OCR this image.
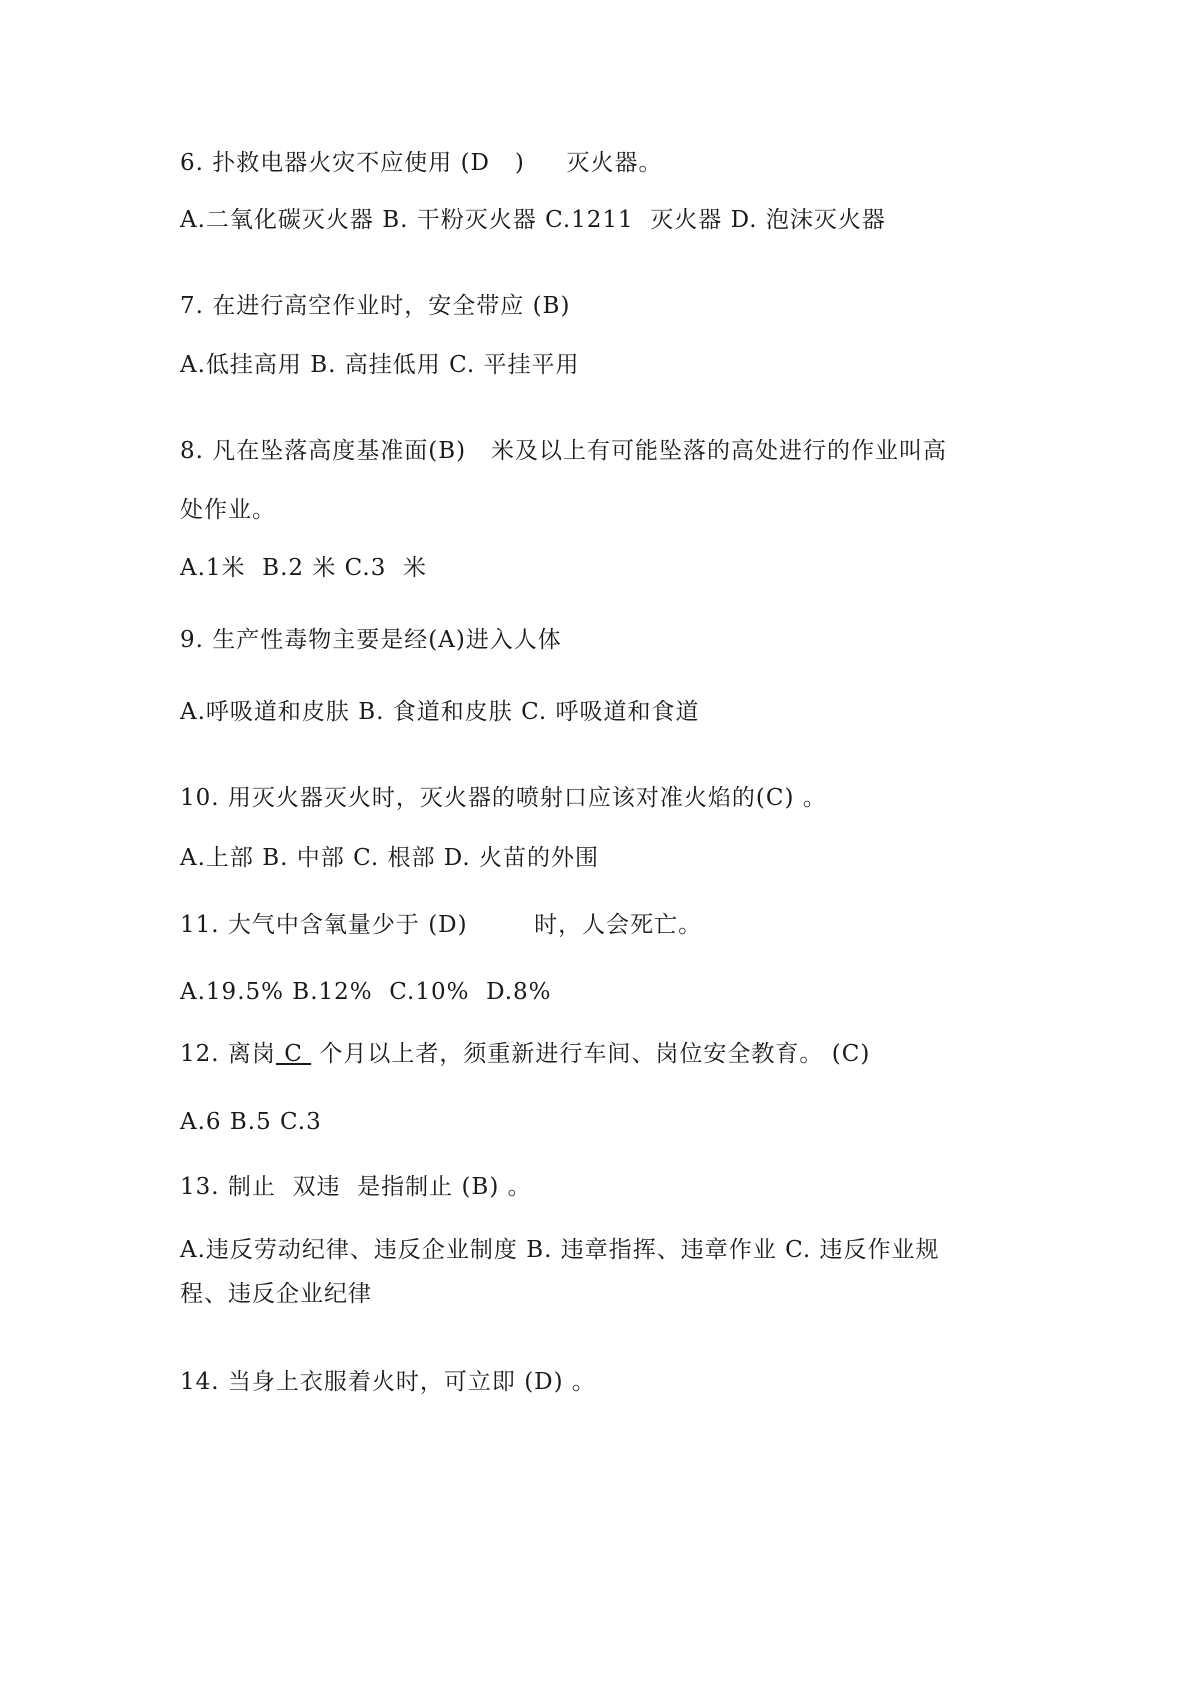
6. 扑救电器火灾不应使用 (D   )     灭火器。
A.二氧化碳灭火器 B. 干粉灭火器 C.1211  灭火器 D. 泡沫灭火器
7. 在进行高空作业时，安全带应 (B)
A.低挂高用 B. 高挂低用 C. 平挂平用
8. 凡在坠落高度基准面(B)   米及以上有可能坠落的高处进行的作业叫高
处作业。
A.1米  B.2 米 C.3  米
9. 生产性毒物主要是经(A)进入人体
A.呼吸道和皮肤 B. 食道和皮肤 C. 呼吸道和食道
10. 用灭火器灭火时，灭火器的喷射口应该对准火焰的(C) 。
A.上部 B. 中部 C. 根部 D. 火苗的外围
11. 大气中含氧量少于 (D)        时，人会死亡。
A.19.5% B.12%  C.10%  D.8%
12. 离岗 C  个月以上者，须重新进行车间、岗位安全教育。 (C)
A.6 B.5 C.3
13. 制止  双违  是指制止 (B) 。
A.违反劳动纪律、违反企业制度 B. 违章指挥、违章作业 C. 违反作业规
程、违反企业纪律
14. 当身上衣服着火时，可立即 (D) 。
